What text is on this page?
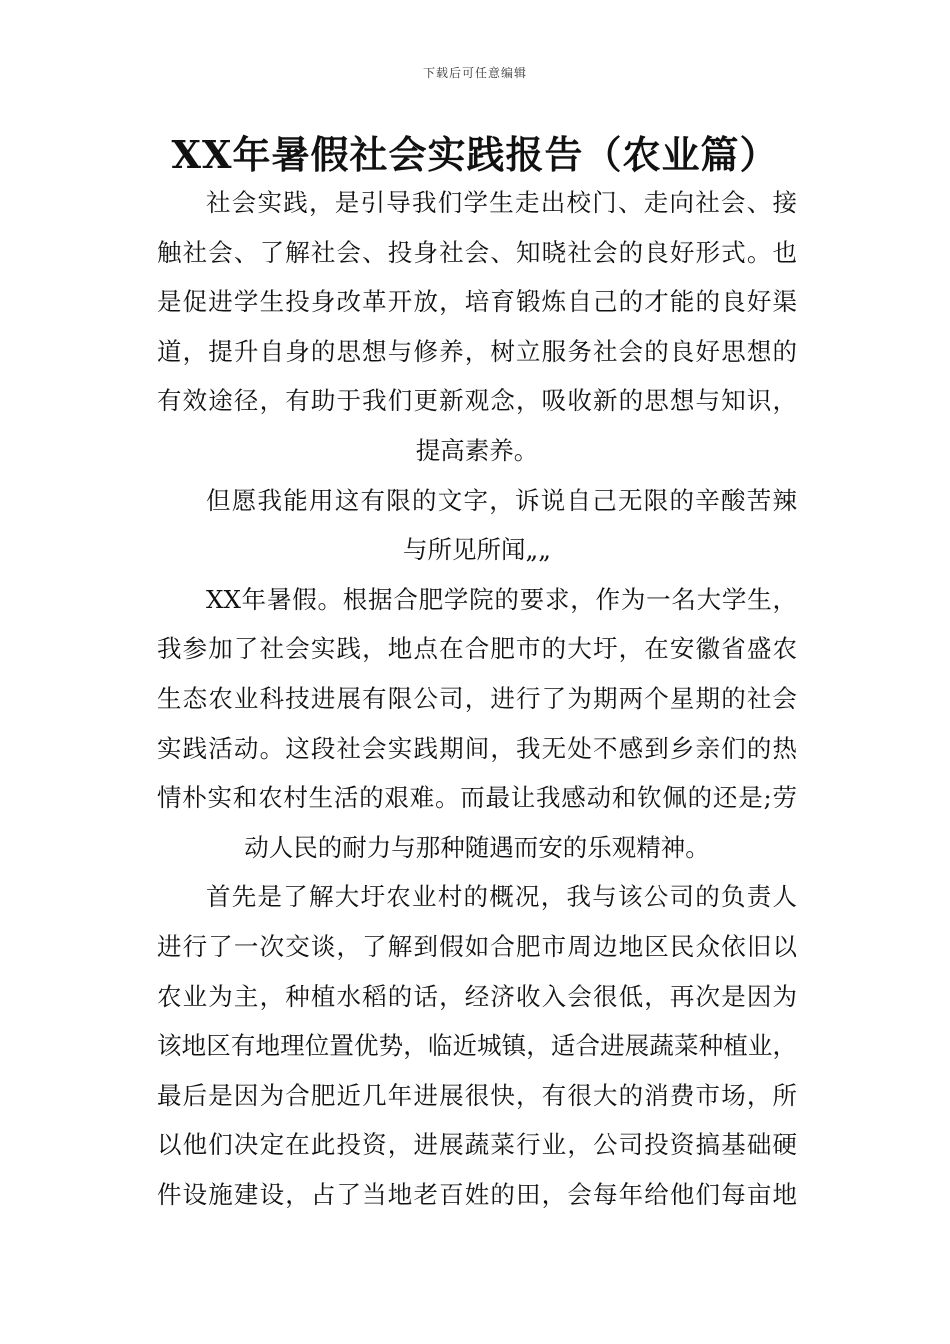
下载后可任意编辑
XX年暑假社会实践报告（农业篇）
社会实践，是引导我们学生走出校门、走向社会、接
触社会、了解社会、投身社会、知晓社会的良好形式。也
是促进学生投身改革开放，培育锻炼自己的才能的良好渠
道，提升自身的思想与修养，树立服务社会的良好思想的
有效途径，有助于我们更新观念，吸收新的思想与知识，
提高素养。
但愿我能用这有限的文字，诉说自己无限的辛酸苦辣
与所见所闻„„
XX年暑假。根据合肥学院的要求，作为一名大学生，
我参加了社会实践，地点在合肥市的大圩，在安徽省盛农
生态农业科技进展有限公司，进行了为期两个星期的社会
实践活动。这段社会实践期间，我无处不感到乡亲们的热
情朴实和农村生活的艰难。而最让我感动和钦佩的还是;劳
动人民的耐力与那种随遇而安的乐观精神。
首先是了解大圩农业村的概况，我与该公司的负责人
进行了一次交谈，了解到假如合肥市周边地区民众依旧以
农业为主，种植水稻的话，经济收入会很低，再次是因为
该地区有地理位置优势，临近城镇，适合进展蔬菜种植业，
最后是因为合肥近几年进展很快，有很大的消费市场，所
以他们决定在此投资，进展蔬菜行业，公司投资搞基础硬
件设施建设，占了当地老百姓的田，会每年给他们每亩地
